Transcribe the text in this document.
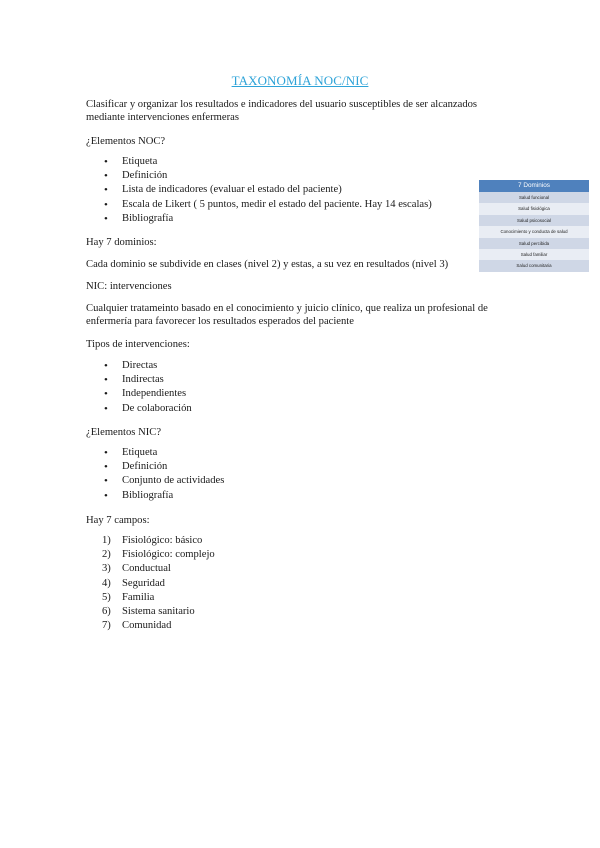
TAXONOMÍA NOC/NIC
Clasificar y organizar los resultados e indicadores del usuario susceptibles de ser alcanzados
mediante intervenciones enfermeras
¿Elementos NOC?
• Etiqueta
• Definición
• Lista de indicadores (evaluar el estado del paciente)
• Escala de Likert ( 5 puntos, medir el estado del paciente. Hay 14 escalas)
• Bibliografía
Hay 7 dominios:
Cada dominio se subdivide en clases (nivel 2) y estas, a su vez en resultados (nivel 3)
NIC: intervenciones
Cualquier tratameinto basado en el conocimiento y juicio clínico, que realiza un profesional de
enfermería para favorecer los resultados esperados del paciente
Tipos de intervenciones:
• Directas
• Indirectas
• Independientes
• De colaboración
¿Elementos NIC?
• Etiqueta
• Definición
• Conjunto de actividades
• Bibliografía
Hay 7 campos:
1) Fisiológico: básico
2) Fisiológico: complejo
3) Conductual
4) Seguridad
5) Familia
6) Sistema sanitario
7) Comunidad
7 Dominios
Salud funcional
Salud fisiológica
Salud psicosocial
Conocimiento y conducta de salud
Salud percibida
Salud familiar
Salud comunitaria
